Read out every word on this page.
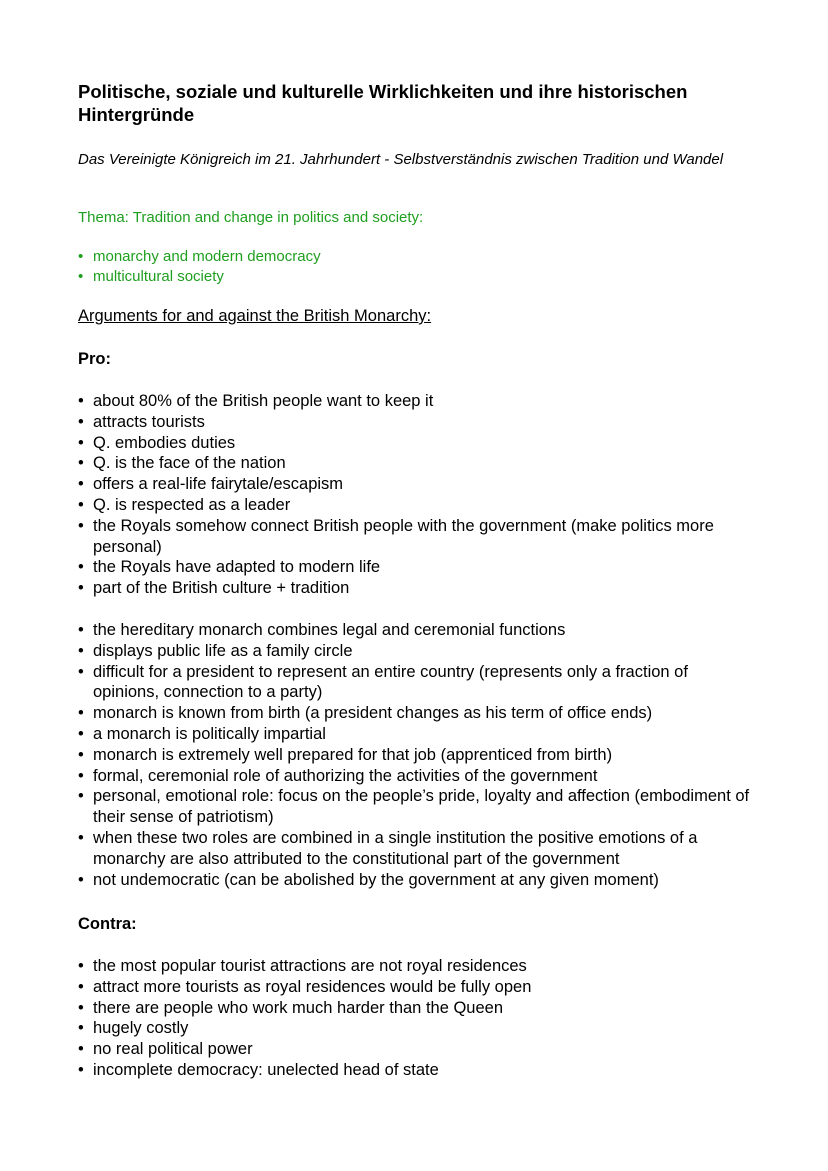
Politische, soziale und kulturelle Wirklichkeiten und ihre historischen Hintergründe

Das Vereinigte Königreich im 21. Jahrhundert - Selbstverständnis zwischen Tradition und Wandel

Thema: Tradition and change in politics and society:

• monarchy and modern democracy
• multicultural society
Arguments for and against the British Monarchy:
Pro:
• about 80% of the British people want to keep it
• attracts tourists
• Q. embodies duties
• Q. is the face of the nation
• offers a real-life fairytale/escapism
• Q. is respected as a leader
• the Royals somehow connect British people with the government (make politics more personal)
• the Royals have adapted to modern life
• part of the British culture + tradition
• the hereditary monarch combines legal and ceremonial functions
• displays public life as a family circle
• difficult for a president to represent an entire country (represents only a fraction of opinions, connection to a party)
• monarch is known from birth (a president changes as his term of office ends)
• a monarch is politically impartial
• monarch is extremely well prepared for that job (apprenticed from birth)
• formal, ceremonial role of authorizing the activities of the government
• personal, emotional role: focus on the people’s pride, loyalty and affection (embodiment of their sense of patriotism)
• when these two roles are combined in a single institution the positive emotions of a monarchy are also attributed to the constitutional part of the government
• not undemocratic (can be abolished by the government at any given moment)
Contra:
• the most popular tourist attractions are not royal residences
• attract more tourists as royal residences would be fully open
• there are people who work much harder than the Queen
• hugely costly
• no real political power
• incomplete democracy: unelected head of state
